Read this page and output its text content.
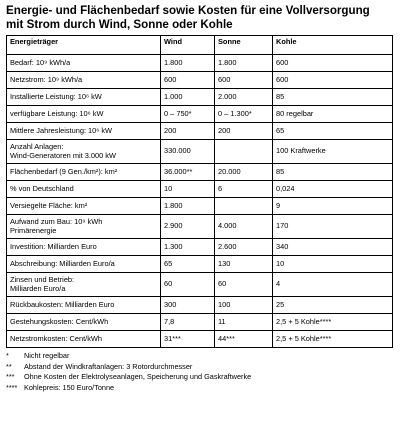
Energie- und Flächenbedarf sowie Kosten für eine Vollversorgung
mit Strom durch Wind, Sonne oder Kohle
Energieträger	Wind	Sonne	Kohle
Bedarf: 10⁹ kWh/a	1.800	1.800	600
Netzstrom: 10⁹ kWh/a	600	600	600
Installierte Leistung: 10⁶ kW	1.000	2.000	85
verfügbare Leistung: 10⁶ kW	0 – 750*	0 – 1.300*	80 regelbar
Mittlere Jahresleistung: 10⁶ kW	200	200	65
Anzahl Anlagen:
Wind-Generatoren mit 3.000 kW	330.000		100 Kraftwerke
Flächenbedarf (9 Gen./km²): km²	36.000**	20.000	85
% von Deutschland	10	6	0,024
Versiegelte Fläche: km²	1.800		9
Aufwand zum Bau: 10⁹ kWh
Primärenergie	2.900	4.000	170
Investition: Milliarden Euro	1.300	2.600	340
Abschreibung: Milliarden Euro/a	65	130	10
Zinsen und Betrieb:
Milliarden Euro/a	60	60	4
Rückbaukosten: Milliarden Euro	300	100	25
Gestehungskosten: Cent/kWh	7,8	11	2,5 + 5 Kohle****
Netzstromkosten: Cent/kWh	31***	44***	2,5 + 5 Kohle****
*	Nicht regelbar
**	Abstand der Windkraftanlagen: 3 Rotordurchmesser
***	Ohne Kosten der Elektrolyseanlagen, Speicherung und Gaskraftwerke
**** Kohlepreis: 150 Euro/Tonne
